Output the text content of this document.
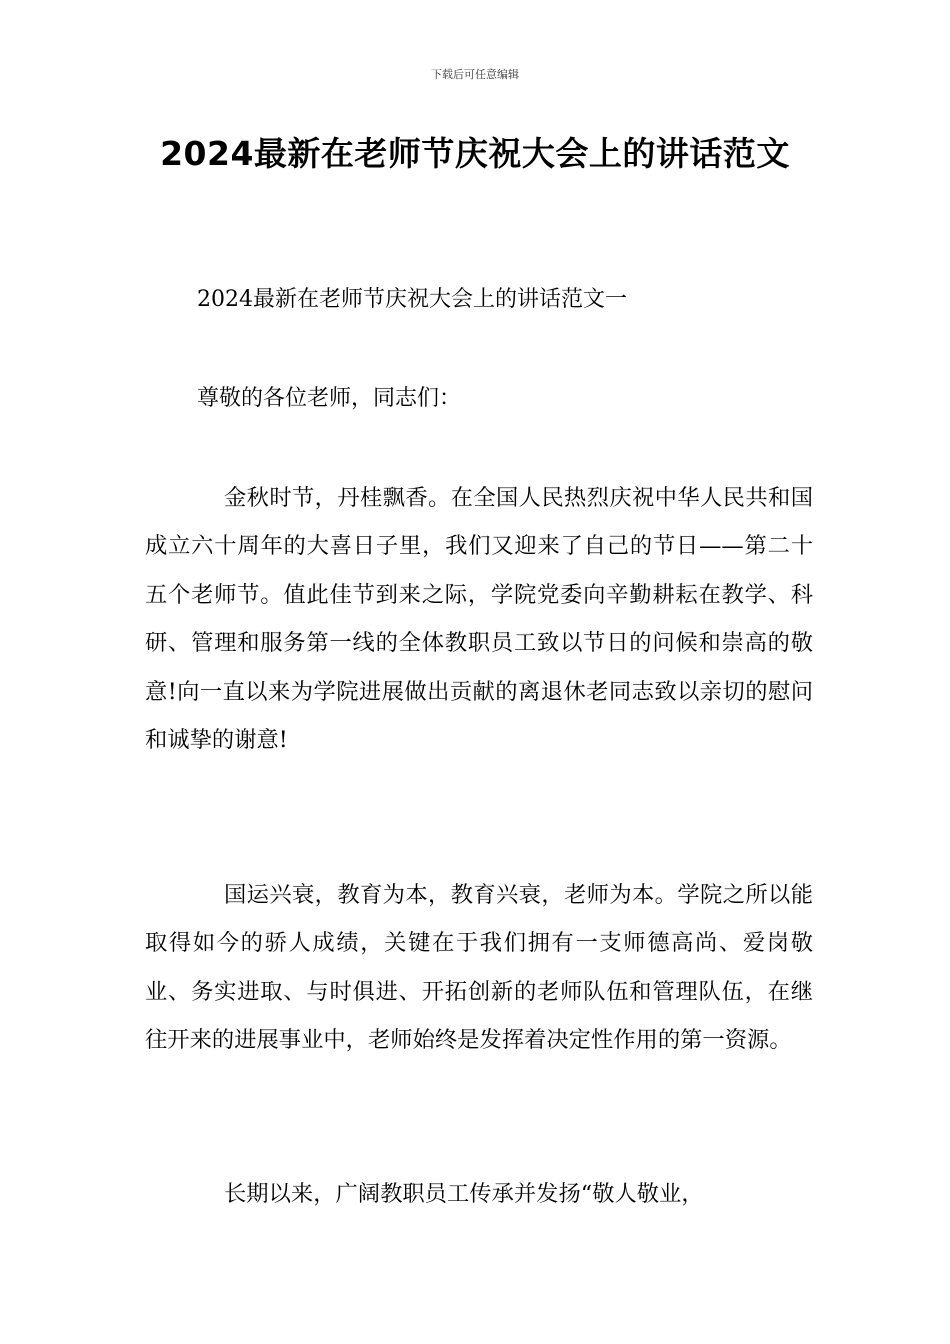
下载后可任意编辑
2024最新在老师节庆祝大会上的讲话范文
2024最新在老师节庆祝大会上的讲话范文一
尊敬的各位老师，同志们：

金秋时节，丹桂飘香。在全国人民热烈庆祝中华人民共和国成立六十周年的大喜日子里，我们又迎来了自己的节日——第二十五个老师节。值此佳节到来之际，学院党委向辛勤耕耘在教学、科研、管理和服务第一线的全体教职员工致以节日的问候和崇高的敬意!向一直以来为学院进展做出贡献的离退休老同志致以亲切的慰问和诚挚的谢意!

国运兴衰，教育为本，教育兴衰，老师为本。学院之所以能取得如今的骄人成绩，关键在于我们拥有一支师德高尚、爱岗敬业、务实进取、与时俱进、开拓创新的老师队伍和管理队伍，在继往开来的进展事业中，老师始终是发挥着决定性作用的第一资源。

长期以来，广阔教职员工传承并发扬“敬人敬业，
